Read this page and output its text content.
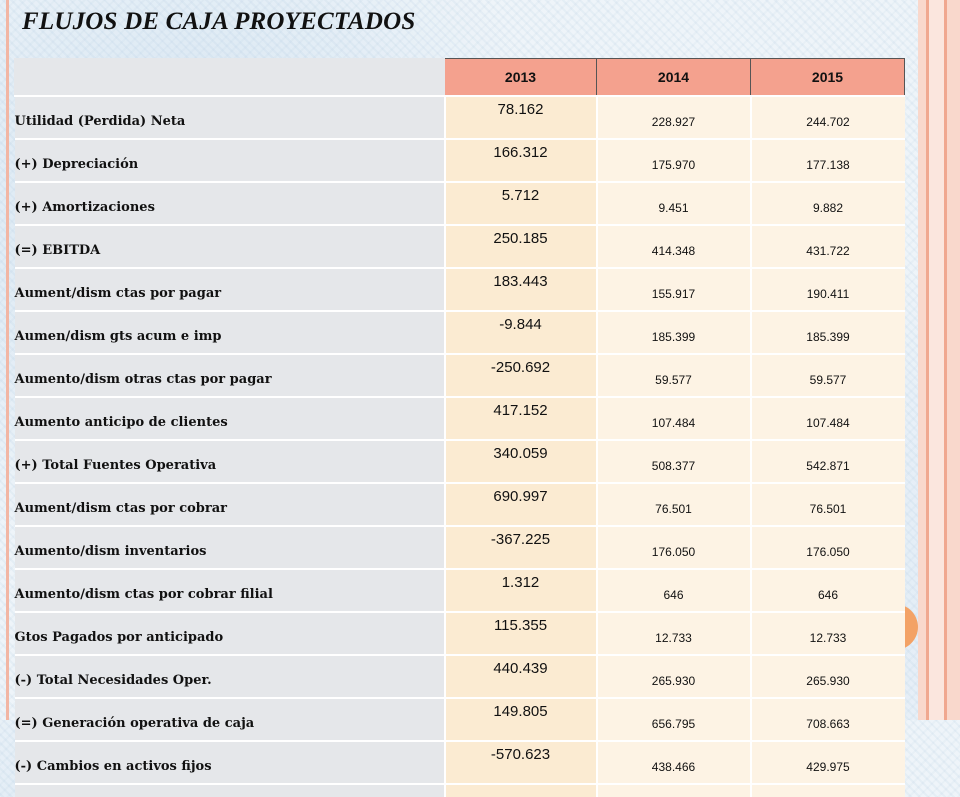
FLUJOS DE CAJA PROYECTADOS
	2013	2014	2015
Utilidad (Perdida) Neta	78.162	228.927	244.702
(+) Depreciación	166.312	175.970	177.138
(+) Amortizaciones	5.712	9.451	9.882
(=) EBITDA	250.185	414.348	431.722
Aument/dism ctas por pagar	183.443	155.917	190.411
Aumen/dism gts acum e imp	-9.844	185.399	185.399
Aumento/dism otras ctas por pagar	-250.692	59.577	59.577
Aumento anticipo de clientes	417.152	107.484	107.484
(+) Total Fuentes Operativa	340.059	508.377	542.871
Aument/dism ctas por cobrar	690.997	76.501	76.501
Aumento/dism inventarios	-367.225	176.050	176.050
Aumento/dism ctas por cobrar filial	1.312	646	646
Gtos Pagados por anticipado	115.355	12.733	12.733
(-) Total Necesidades Oper.	440.439	265.930	265.930
(=) Generación operativa de caja	149.805	656.795	708.663
(-) Cambios en activos fijos	-570.623	438.466	429.975
